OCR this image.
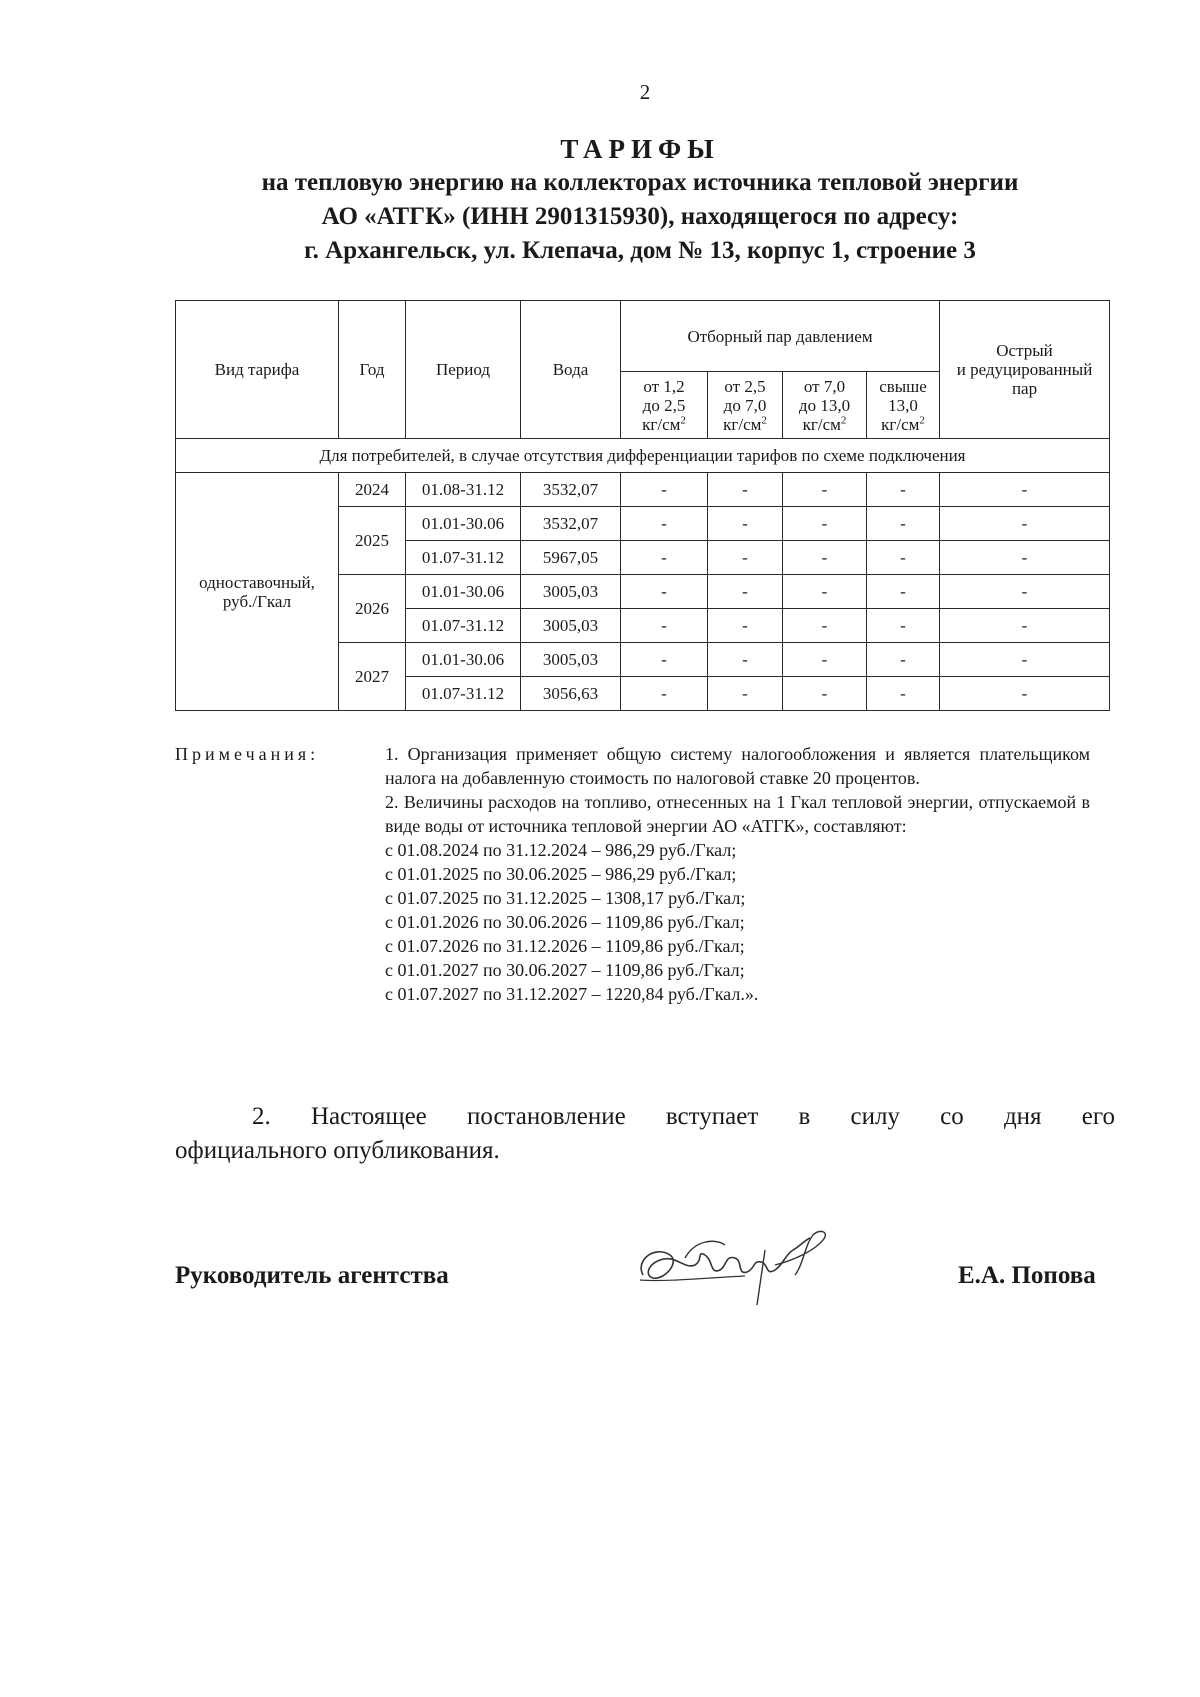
2
ТАРИФЫ
на тепловую энергию на коллекторах источника тепловой энергии
АО «АТГК» (ИНН 2901315930), находящегося по адресу:
г. Архангельск, ул. Клепача, дом № 13, корпус 1, строение 3
Вид тарифа	Год	Период	Вода	Отборный пар давлением				Острый
и редуцированный
пар

				от 1,2
до 2,5
$кг/см^2$	от 2,5
до 7,0
$кг/см^2$	от 7,0
до 13,0
$кг/см^2$	свыше
13,0
$кг/см^2$

Для потребителей, в случае отсутствия дифференциации тарифов по схеме подключения								

одноставочный,
руб./Гкал	2024	01.08-31.12	3532,07	-	-	-	-	-
	2025	01.01-30.06	3532,07	-	-	-	-	-
		01.07-31.12	5967,05	-	-	-	-	-
	2026	01.01-30.06	3005,03	-	-	-	-	-
		01.07-31.12	3005,03	-	-	-	-	-
	2027	01.01-30.06	3005,03	-	-	-	-	-
		01.07-31.12	3056,63	-	-	-	-	-
Примечания:	1. Организация применяет общую систему налогообложения и является плательщиком налога на добавленную стоимость по налоговой ставке 20 процентов.

2. Величины расходов на топливо, отнесенных на 1 Гкал тепловой энергии, отпускаемой в виде воды от источника тепловой энергии АО «АТГК», составляют:

с 01.08.2024 по 31.12.2024 – 986,29 руб./Гкал;
с 01.01.2025 по 30.06.2025 – 986,29 руб./Гкал;
с 01.07.2025 по 31.12.2025 – 1308,17 руб./Гкал;
с 01.01.2026 по 30.06.2026 – 1109,86 руб./Гкал;
с 01.07.2026 по 31.12.2026 – 1109,86 руб./Гкал;
с 01.01.2027 по 30.06.2027 – 1109,86 руб./Гкал;
с 01.07.2027 по 31.12.2027 – 1220,84 руб./Гкал.».
2. Настоящее постановление вступает в силу со дня его
официального опубликования.
Руководитель агентства	Е.А. Попова
